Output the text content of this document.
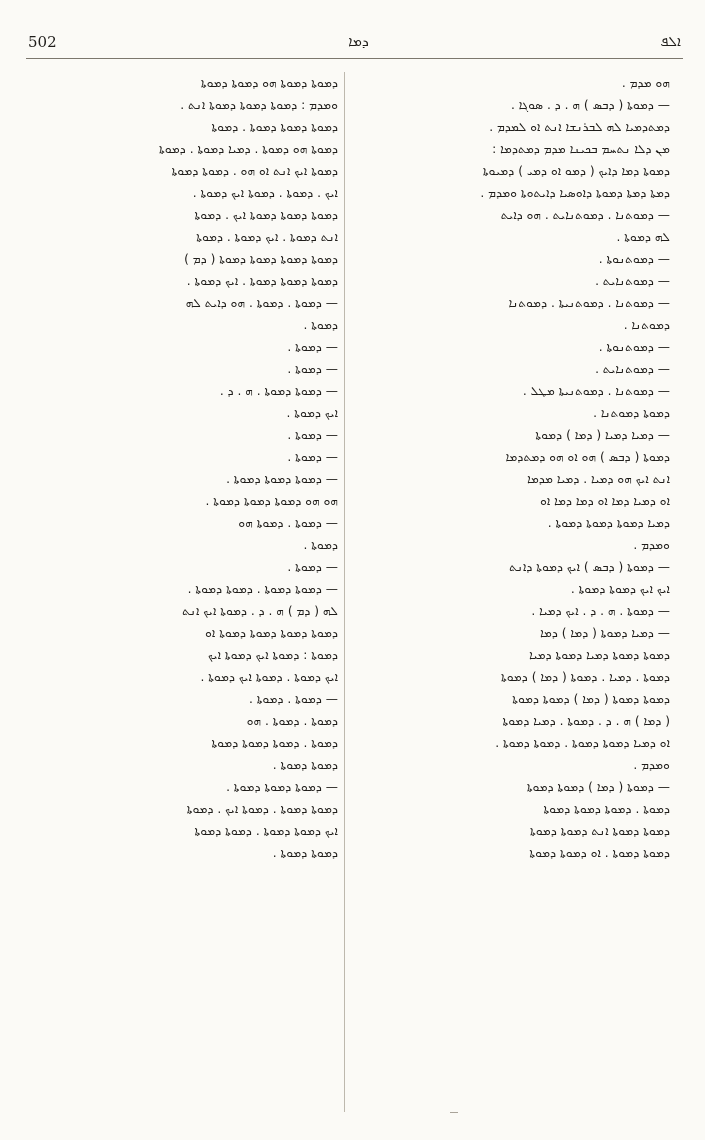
502	ܕܡܐ	ܐܠܦ
ܕܡܘܬܐ ܕܡܘܬܐ ܗܘ ܕܡܘܬܐ ܕܡܘܬܐ
ܘܡܕܡ : ܕܡܘܬܐ ܕܡܘܬܐ ܕܡܘܬܐ ܐܢܬ .
ܕܡܘܬܐ ܕܡܘܬܐ ܕܡܘܬܐ . ܕܡܘܬܐ
ܕܡܘܬܐ ܗܘ ܕܡܘܬܐ . ܕܡܝܐ ܕܡܘܬܐ . ܕܡܘܬܐ
ܕܡܘܬܐ ܐܝܟ ܐܢܬ ܐܘ ܗܘ . ܕܡܘܬܐ ܕܡܘܬܐ
ܐܝܟ . ܕܡܘܬܐ . ܕܡܘܬܐ ܐܝܟ ܕܡܘܬܐ .
ܕܡܘܬܐ ܕܡܘܬܐ ܕܡܘܬܐ ܐܝܟ . ܕܡܘܬܐ
ܐܢܬ ܕܡܘܬܐ . ܐܝܟ ܕܡܘܬܐ . ܕܡܘܬܐ
ܕܡܘܬܐ ܕܡܘܬܐ ܕܡܘܬܐ ܕܡܘܬܐ ( ܕܡ )
ܕܡܘܬܐ ܕܡܘܬܐ ܕܡܘܬܐ . ܐܝܟ ܕܡܘܬܐ .
— ܕܡܘܬܐ . ܕܡܘܬܐ . ܗܘ ܕܐܝܬ ܠܗ
ܕܡܘܬܐ .
— ܕܡܘܬܐ .
— ܕܡܘܬܐ .
— ܕܡܘܬܐ ܕܡܘܬܐ . ܗ . ܕ .
ܐܝܟ ܕܡܘܬܐ .
— ܕܡܘܬܐ .
— ܕܡܘܬܐ .
— ܕܡܘܬܐ ܕܡܘܬܐ ܕܡܘܬܐ .
ܗܘ ܗܘ ܕܡܘܬܐ ܕܡܘܬܐ ܕܡܘܬܐ .
— ܕܡܘܬܐ . ܕܡܘܬܐ ܗܘ
ܕܡܘܬܐ .
— ܕܡܘܬܐ .
— ܕܡܘܬܐ ܕܡܘܬܐ . ܕܡܘܬܐ ܕܡܘܬܐ .
ܠܗ ( ܕܡ ) ܗ . ܕ . ܕܡܘܬܐ ܐܝܟ ܐܢܬ
ܕܡܘܬܐ ܕܡܘܬܐ ܕܡܘܬܐ ܕܡܘܬܐ ܐܘ
ܕܡܘܬܐ : ܕܡܘܬܐ ܐܝܟ ܕܡܘܬܐ ܐܝܟ
ܐܝܟ ܕܡܘܬܐ . ܕܡܘܬܐ ܐܝܟ ܕܡܘܬܐ .
— ܕܡܘܬܐ . ܕܡܘܬܐ .
ܕܡܘܬܐ . ܕܡܘܬܐ . ܗܘ
ܕܡܘܬܐ . ܕܡܘܬܐ ܕܡܘܬܐ ܕܡܘܬܐ
ܕܡܘܬܐ ܕܡܘܬܐ .
— ܕܡܘܬܐ ܕܡܘܬܐ ܕܡܘܬܐ .
ܕܡܘܬܐ ܕܡܘܬܐ . ܕܡܘܬܐ ܐܝܟ . ܕܡܘܬܐ
ܐܝܟ ܕܡܘܬܐ ܕܡܘܬܐ . ܕܡܘܬܐ ܕܡܘܬܐ
ܕܡܘܬܐ ܕܡܘܬܐ .
ܗܘ ܡܕܡ .
— ܕܡܘܬܐ ( ܕܒܣ ) ܗ . ܕ . ܣܘܓܐ .
ܕܡܬܕܡܝܐ ܠܗ ܠܒܪܢܫܐ ܐܢܬ ܐܘ ܠܡܕܡ .
ܡܢ ܕܠܐ ܢܬܚܡ ܒܟܝܢܐ ܡܕܡ ܕܡܬܕܡܐ :
ܕܡܘܬܐ ܕܡܐ ܕܐܝܟ ( ܕܡܘ ܐܘ ܕܡܝ ) ܕܡܝܘܬܐ
ܕܡܬܐ ܕܡܬܐ ܕܡܘܬܐ ܕܐܘܣܝܐ ܕܐܝܬܘܬܐ ܘܡܕܡ .
— ܕܡܘܬܢܐ . ܕܡܘܬܢܐܝܬ . ܗܘ ܕܐܝܬ
ܠܗ ܕܡܘܬܐ .
— ܕܡܘܬܢܘܬܐ .
— ܕܡܘܬܢܐܝܬ .
— ܕܡܘܬܢܐ . ܕܡܘܬܢܝܬܐ . ܕܡܘܬܢܐ
ܕܡܘܬܢܐ .
— ܕܡܘܬܢܘܬܐ .
— ܕܡܘܬܢܐܝܬ .
— ܕܡܘܬܢܐ . ܕܡܘܬܢܝܬܐ ܡܛܠ .
ܕܡܘܬܐ ܕܡܘܬܢܐ .
— ܕܡܝܐ ܕܡܝܐ ( ܕܡܐ ) ܕܡܘܬܐ
ܕܡܘܬܐ ( ܕܒܣ ) ܗܘ ܐܘ ܗܘ ܕܡܬܕܡܐ
ܐܢܬ ܐܝܟ ܗܘ ܕܡܝܐ . ܕܡܝܐ ܡܕܡܐ
ܐܘ ܕܡܝܐ ܕܡܐ ܐܘ ܕܡܐ ܕܡܐ ܐܘ
ܕܡܝܐ ܕܡܘܬܐ ܕܡܘܬܐ ܕܡܘܬܐ .
ܘܡܕܡ .
— ܕܡܘܬܐ ( ܕܒܣ ) ܐܝܟ ܕܡܘܬܐ ܕܐܢܬ
ܐܝܟ ܐܝܟ ܕܡܘܬܐ ܕܡܘܬܐ .
— ܕܡܘܬܐ . ܗ . ܕ . ܐܝܟ ܕܡܝܐ .
— ܕܡܝܐ ܕܡܘܬܐ ( ܕܡܐ ) ܕܡܐ
ܕܡܘܬܐ ܕܡܘܬܐ ܕܡܝܐ ܕܡܘܬܐ ܕܡܝܐ
ܕܡܘܬܐ . ܕܡܝܐ . ܕܡܘܬܐ ( ܕܡܐ ) ܕܡܘܬܐ
ܕܡܘܬܐ ܕܡܘܬܐ ( ܕܡܐ ) ܕܡܘܬܐ ܕܡܘܬܐ
( ܕܡܐ ) ܗ . ܕ . ܕܡܘܬܐ . ܕܡܝܐ ܕܡܘܬܐ
ܐܘ ܕܡܝܐ ܕܡܘܬܐ ܕܡܘܬܐ . ܕܡܘܬܐ ܕܡܘܬܐ .
ܘܡܕܡ .
— ܕܡܘܬܐ ( ܕܡܐ ) ܕܡܘܬܐ ܕܡܘܬܐ
ܕܡܘܬܐ . ܕܡܘܬܐ ܕܡܘܬܐ ܕܡܘܬܐ
ܕܡܘܬܐ ܕܡܘܬܐ ܐܢܬ ܕܡܘܬܐ ܕܡܘܬܐ
ܕܡܘܬܐ ܕܡܘܬܐ . ܐܘ ܕܡܘܬܐ ܕܡܘܬܐ
